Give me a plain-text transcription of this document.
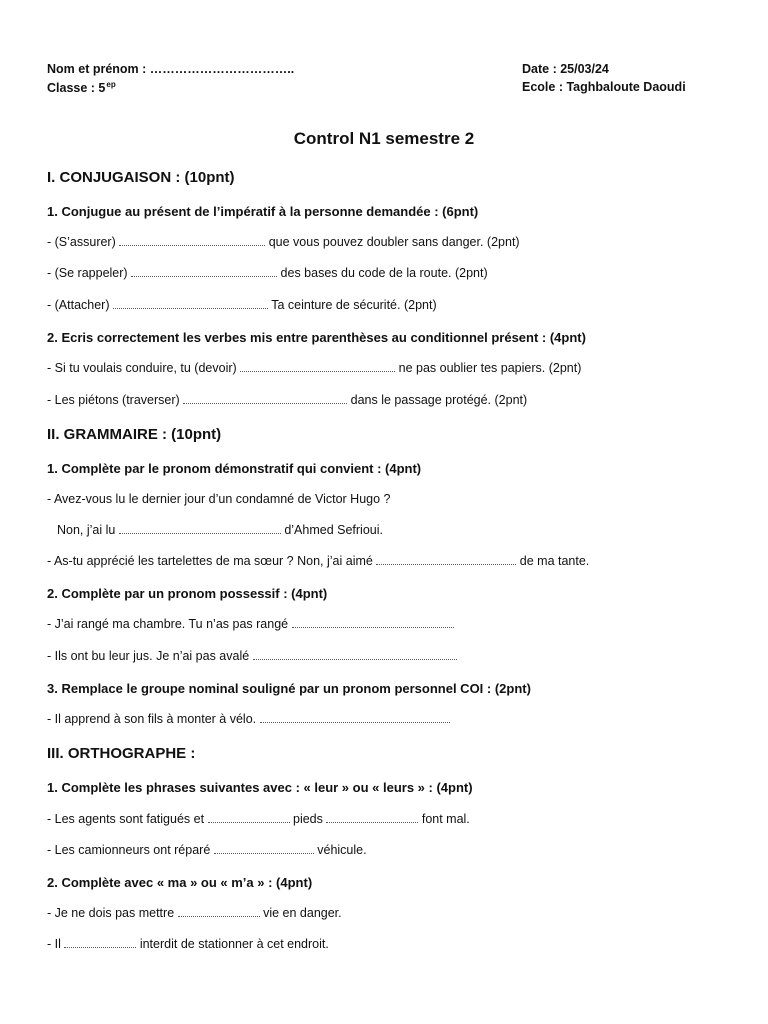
Nom et prénom : ……………………………..
Classe : $5^{ep}$
Date : 25/03/24
Ecole : Taghbaloute Daoudi
Control N1 semestre 2
I. CONJUGAISON : (10pnt)
1. Conjugue au présent de l’impératif à la personne demandée : (6pnt)
- (S’assurer)	que vous pouvez doubler sans danger. (2pnt)
- (Se rappeler)	des bases du code de la route. (2pnt)
- (Attacher)	Ta ceinture de sécurité. (2pnt)
2. Ecris correctement les verbes mis entre parenthèses au conditionnel présent : (4pnt)
- Si tu voulais conduire, tu (devoir)	ne pas oublier tes papiers. (2pnt)
- Les piétons (traverser)	dans le passage protégé. (2pnt)
II. GRAMMAIRE : (10pnt)
1. Complète par le pronom démonstratif qui convient : (4pnt)
- Avez-vous lu le dernier jour d’un condamné de Victor Hugo ?
Non, j’ai lu	d’Ahmed Sefrioui.
- As-tu apprécié les tartelettes de ma sœur ? Non, j’ai aimé	de ma tante.
2. Complète par un pronom possessif : (4pnt)
- J’ai rangé ma chambre. Tu n’as pas rangé
- Ils ont bu leur jus. Je n’ai pas avalé
3. Remplace le groupe nominal souligné par un pronom personnel COI : (2pnt)
- Il apprend à son fils à monter à vélo.
III. ORTHOGRAPHE :
1. Complète les phrases suivantes avec : « leur » ou « leurs » : (4pnt)
- Les agents sont fatigués et	pieds	font mal.
- Les camionneurs ont réparé	véhicule.
2. Complète avec « ma » ou « m’a » : (4pnt)
- Je ne dois pas mettre	vie en danger.
- Il	interdit de stationner à cet endroit.
